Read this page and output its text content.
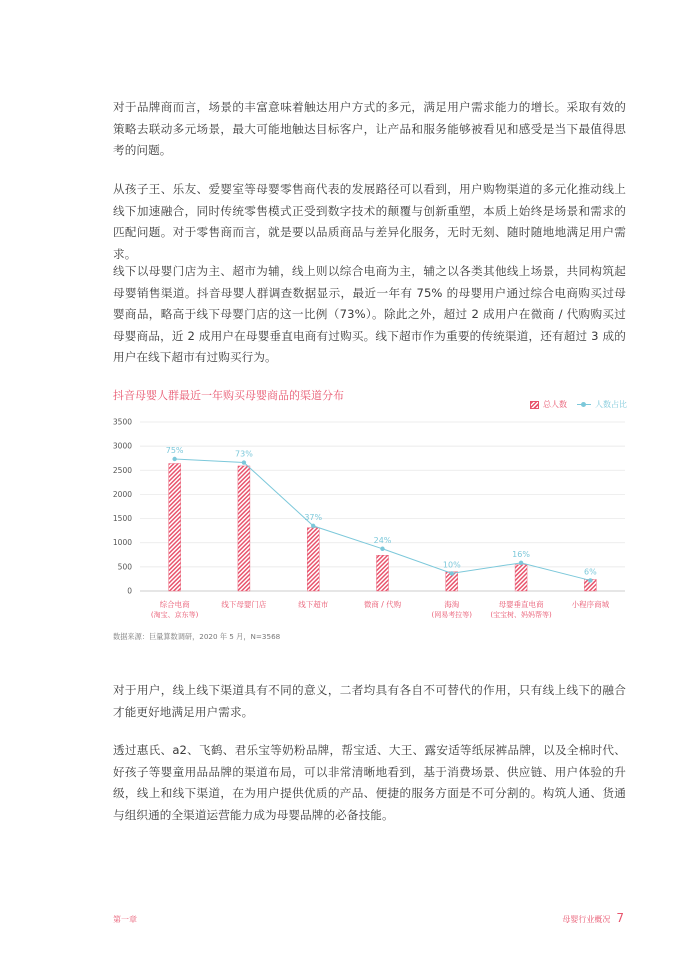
对于品牌商而言，场景的丰富意味着触达用户方式的多元，满足用户需求能力的增长。采取有效的策略去联动多元场景，最大可能地触达目标客户，让产品和服务能够被看见和感受是当下最值得思考的问题。

从孩子王、乐友、爱婴室等母婴零售商代表的发展路径可以看到，用户购物渠道的多元化推动线上线下加速融合，同时传统零售模式正受到数字技术的颠覆与创新重塑，本质上始终是场景和需求的匹配问题。对于零售商而言，就是要以品质商品与差异化服务，无时无刻、随时随地地满足用户需求。

线下以母婴门店为主、超市为辅，线上则以综合电商为主，辅之以各类其他线上场景，共同构筑起母婴销售渠道。抖音母婴人群调查数据显示，最近一年有 75% 的母婴用户通过综合电商购买过母婴商品，略高于线下母婴门店的这一比例（73%）。除此之外，超过 2 成用户在微商 / 代购购买过母婴商品，近 2 成用户在母婴垂直电商有过购买。线下超市作为重要的传统渠道，还有超过 3 成的用户在线下超市有过购买行为。

抖音母婴人群最近一年购买母婴商品的渠道分布
总人数	人数占比
0
500
1000
1500
2000
2500
3000
3500
75%	73%
37%
24%
10%
16%
6%
综合电商
(淘宝、京东等)
线下母婴门店	线下超市	微商 / 代购	海淘
(网易考拉等)
母婴垂直电商
(宝宝树、妈妈帮等)
小程序商城

数据来源：巨量算数调研，2020 年 5 月，N=3568

对于用户，线上线下渠道具有不同的意义，二者均具有各自不可替代的作用，只有线上线下的融合才能更好地满足用户需求。

透过惠氏、a2、飞鹤、君乐宝等奶粉品牌，帮宝适、大王、露安适等纸尿裤品牌，以及全棉时代、好孩子等婴童用品品牌的渠道布局，可以非常清晰地看到，基于消费场景、供应链、用户体验的升级，线上和线下渠道，在为用户提供优质的产品、便捷的服务方面是不可分割的。构筑人通、货通与组织通的全渠道运营能力成为母婴品牌的必备技能。

第一章	母婴行业概况 7
